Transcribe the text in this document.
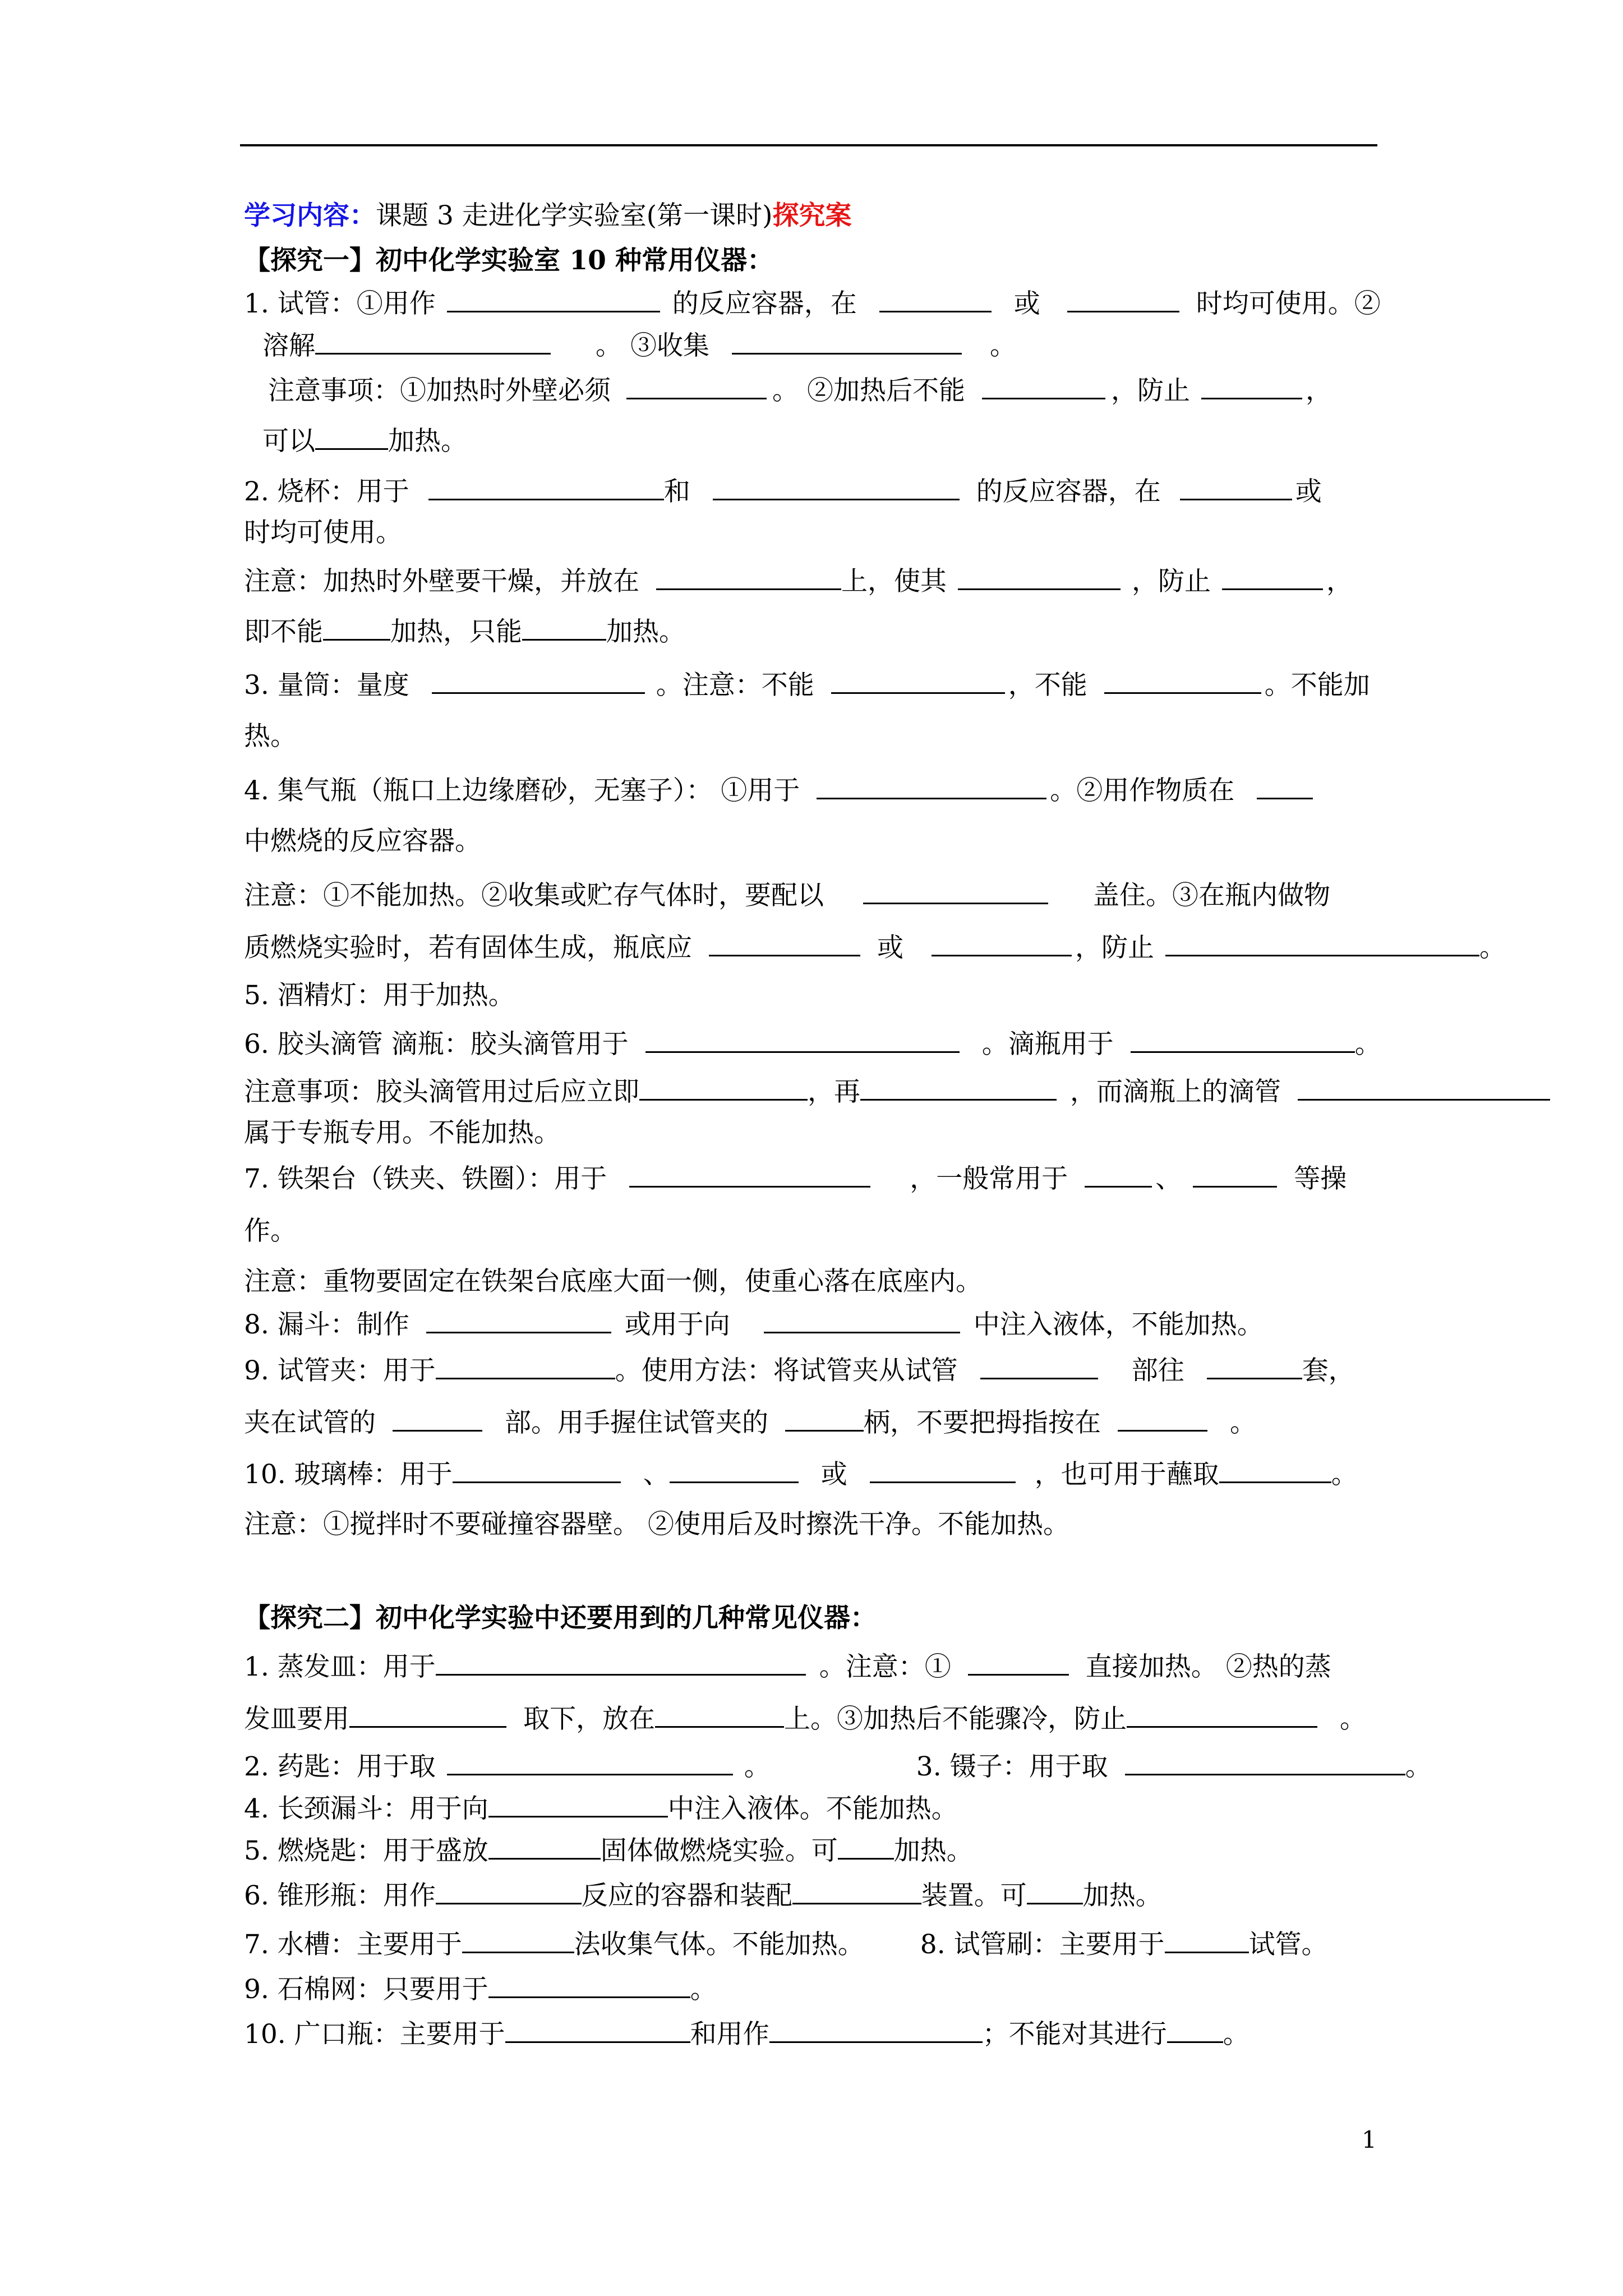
学习内容：课题 3 走进化学实验室(第一课时)探究案
【探究一】初中化学实验室 10 种常用仪器：
1. 试管：①用作	的反应容器，在	或	时均可使用。②
溶解	。 ③收集	。
注意事项：①加热时外壁必须	。 ②加热后不能	，防止	，
可以	加热。
2. 烧杯：用于	和	的反应容器，在	或
时均可使用。
注意：加热时外壁要干燥，并放在	上，使其	，防止	，
即不能	加热，只能	加热。
3. 量筒：量度	。注意：不能	，不能	。不能加
热。
4. 集气瓶（瓶口上边缘磨砂，无塞子）： ①用于	。②用作物质在
中燃烧的反应容器。
注意：①不能加热。②收集或贮存气体时，要配以	盖住。③在瓶内做物
质燃烧实验时，若有固体生成，瓶底应	或	，防止	。
5. 酒精灯：用于加热。
6. 胶头滴管 滴瓶：胶头滴管用于	。滴瓶用于	。
注意事项：胶头滴管用过后应立即	，再	，而滴瓶上的滴管
属于专瓶专用。不能加热。
7. 铁架台（铁夹、铁圈）：用于	，一般常用于	、	等操
作。
注意：重物要固定在铁架台底座大面一侧，使重心落在底座内。
8. 漏斗：制作	或用于向	中注入液体，不能加热。
9. 试管夹：用于	。使用方法：将试管夹从试管	部往	套，
夹在试管的	部。用手握住试管夹的	柄，不要把拇指按在	。
10. 玻璃棒：用于	、	或	，也可用于蘸取	。
注意：①搅拌时不要碰撞容器壁。 ②使用后及时擦洗干净。不能加热。
【探究二】初中化学实验中还要用到的几种常见仪器：
1. 蒸发皿：用于	。注意：①	直接加热。 ②热的蒸
发皿要用	取下，放在	上。③加热后不能骤冷，防止	。
2. 药匙：用于取	。	3. 镊子：用于取	。
4. 长颈漏斗：用于向	中注入液体。不能加热。
5. 燃烧匙：用于盛放	固体做燃烧实验。可 加热。
6. 锥形瓶：用作	反应的容器和装配	装置。可 加热。
7. 水槽：主要用于	法收集气体。不能加热。 8. 试管刷：主要用于	试管。
9. 石棉网：只要用于	。
10. 广口瓶：主要用于	和用作	；不能对其进行 。
1
